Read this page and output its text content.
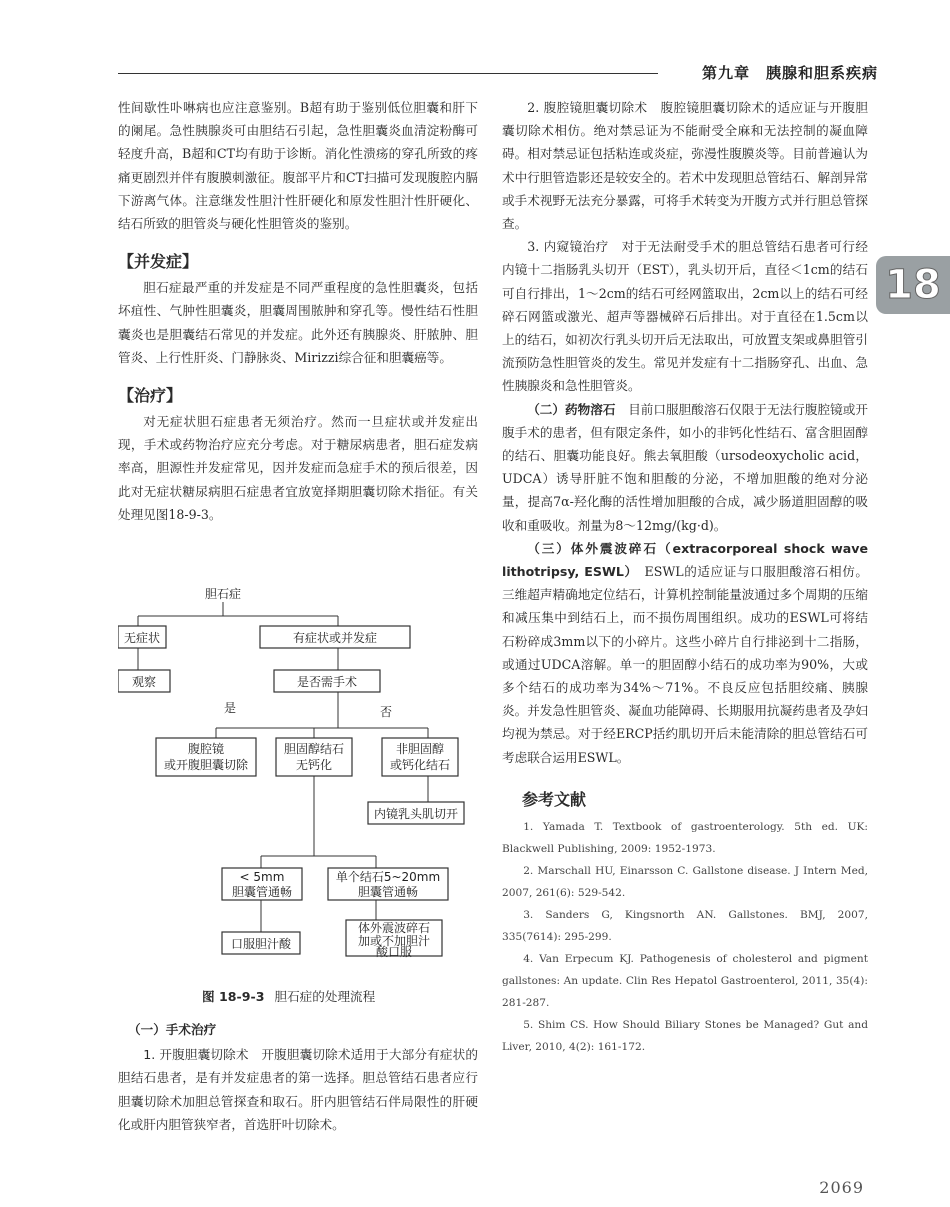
第九章　胰腺和胆系疾病
18

性间歇性卟啉病也应注意鉴别。B超有助于鉴别低位胆囊和肝下的阑尾。急性胰腺炎可由胆结石引起，急性胆囊炎血清淀粉酶可轻度升高，B超和CT均有助于诊断。消化性溃疡的穿孔所致的疼痛更剧烈并伴有腹膜刺激征。腹部平片和CT扫描可发现腹腔内膈下游离气体。注意继发性胆汁性肝硬化和原发性胆汁性肝硬化、结石所致的胆管炎与硬化性胆管炎的鉴别。

【并发症】

胆石症最严重的并发症是不同严重程度的急性胆囊炎，包括坏疽性、气肿性胆囊炎，胆囊周围脓肿和穿孔等。慢性结石性胆囊炎也是胆囊结石常见的并发症。此外还有胰腺炎、肝脓肿、胆管炎、上行性肝炎、门静脉炎、Mirizzi综合征和胆囊癌等。

【治疗】

对无症状胆石症患者无须治疗。然而一旦症状或并发症出现，手术或药物治疗应充分考虑。对于糖尿病患者，胆石症发病率高，胆源性并发症常见，因并发症而急症手术的预后很差，因此对无症状糖尿病胆石症患者宜放宽择期胆囊切除术指征。有关处理见图18-9-3。

胆石症
无症状	有症状或并发症
观察	是否需手术
是	否
腹腔镜
或开腹胆囊切除
胆固醇结石
无钙化
非胆固醇
或钙化结石
内镜乳头肌切开
< 5mm
胆囊管通畅
单个结石5~20mm
胆囊管通畅
口服胆汁酸
体外震波碎石
加或不加胆汁
酸口服
图 18-9-3 胆石症的处理流程

（一）手术治疗

1. 开腹胆囊切除术　 开腹胆囊切除术适用于大部分有症状的胆结石患者，是有并发症患者的第一选择。胆总管结石患者应行胆囊切除术加胆总管探查和取石。肝内胆管结石伴局限性的肝硬化或肝内胆管狭窄者，首选肝叶切除术。

2. 腹腔镜胆囊切除术　 腹腔镜胆囊切除术的适应证与开腹胆囊切除术相仿。绝对禁忌证为不能耐受全麻和无法控制的凝血障碍。相对禁忌证包括粘连或炎症，弥漫性腹膜炎等。目前普遍认为术中行胆管造影还是较安全的。若术中发现胆总管结石、解剖异常或手术视野无法充分暴露，可将手术转变为开腹方式并行胆总管探查。

3. 内窥镜治疗　 对于无法耐受手术的胆总管结石患者可行经内镜十二指肠乳头切开（EST），乳头切开后，直径＜1cm的结石可自行排出，1～2cm的结石可经网篮取出，2cm以上的结石可经碎石网篮或激光、超声等器械碎石后排出。对于直径在1.5cm以上的结石，如初次行乳头切开后无法取出，可放置支架或鼻胆管引流预防急性胆管炎的发生。常见并发症有十二指肠穿孔、出血、急性胰腺炎和急性胆管炎。

（二）药物溶石　 目前口服胆酸溶石仅限于无法行腹腔镜或开腹手术的患者，但有限定条件，如小的非钙化性结石、富含胆固醇的结石、胆囊功能良好。熊去氧胆酸（ursodeoxycholic acid，UDCA）诱导肝脏不饱和胆酸的分泌，不增加胆酸的绝对分泌量，提高7α-羟化酶的活性增加胆酸的合成，减少肠道胆固醇的吸收和重吸收。剂量为8～12mg/(kg·d)。

（三）体外震波碎石（extracorporeal shock wave lithotripsy, ESWL）　 ESWL的适应证与口服胆酸溶石相仿。三维超声精确地定位结石，计算机控制能量波通过多个周期的压缩和减压集中到结石上，而不损伤周围组织。成功的ESWL可将结石粉碎成3mm以下的小碎片。这些小碎片自行排泌到十二指肠，或通过UDCA溶解。单一的胆固醇小结石的成功率为90%，大或多个结石的成功率为34%～71%。不良反应包括胆绞痛、胰腺炎。并发急性胆管炎、凝血功能障碍、长期服用抗凝药患者及孕妇均视为禁忌。对于经ERCP括约肌切开后未能清除的胆总管结石可考虑联合运用ESWL。

参考文献

1. Yamada T. Textbook of gastroenterology. 5th ed. UK: Blackwell Publishing, 2009: 1952-1973.

2. Marschall HU, Einarsson C. Gallstone disease. J Intern Med, 2007, 261(6): 529-542.

3. Sanders G, Kingsnorth AN. Gallstones. BMJ, 2007, 335(7614): 295-299.

4. Van Erpecum KJ. Pathogenesis of cholesterol and pigment gallstones: An update. Clin Res Hepatol Gastroenterol, 2011, 35(4): 281-287.

5. Shim CS. How Should Biliary Stones be Managed? Gut and Liver, 2010, 4(2): 161-172.

2069
